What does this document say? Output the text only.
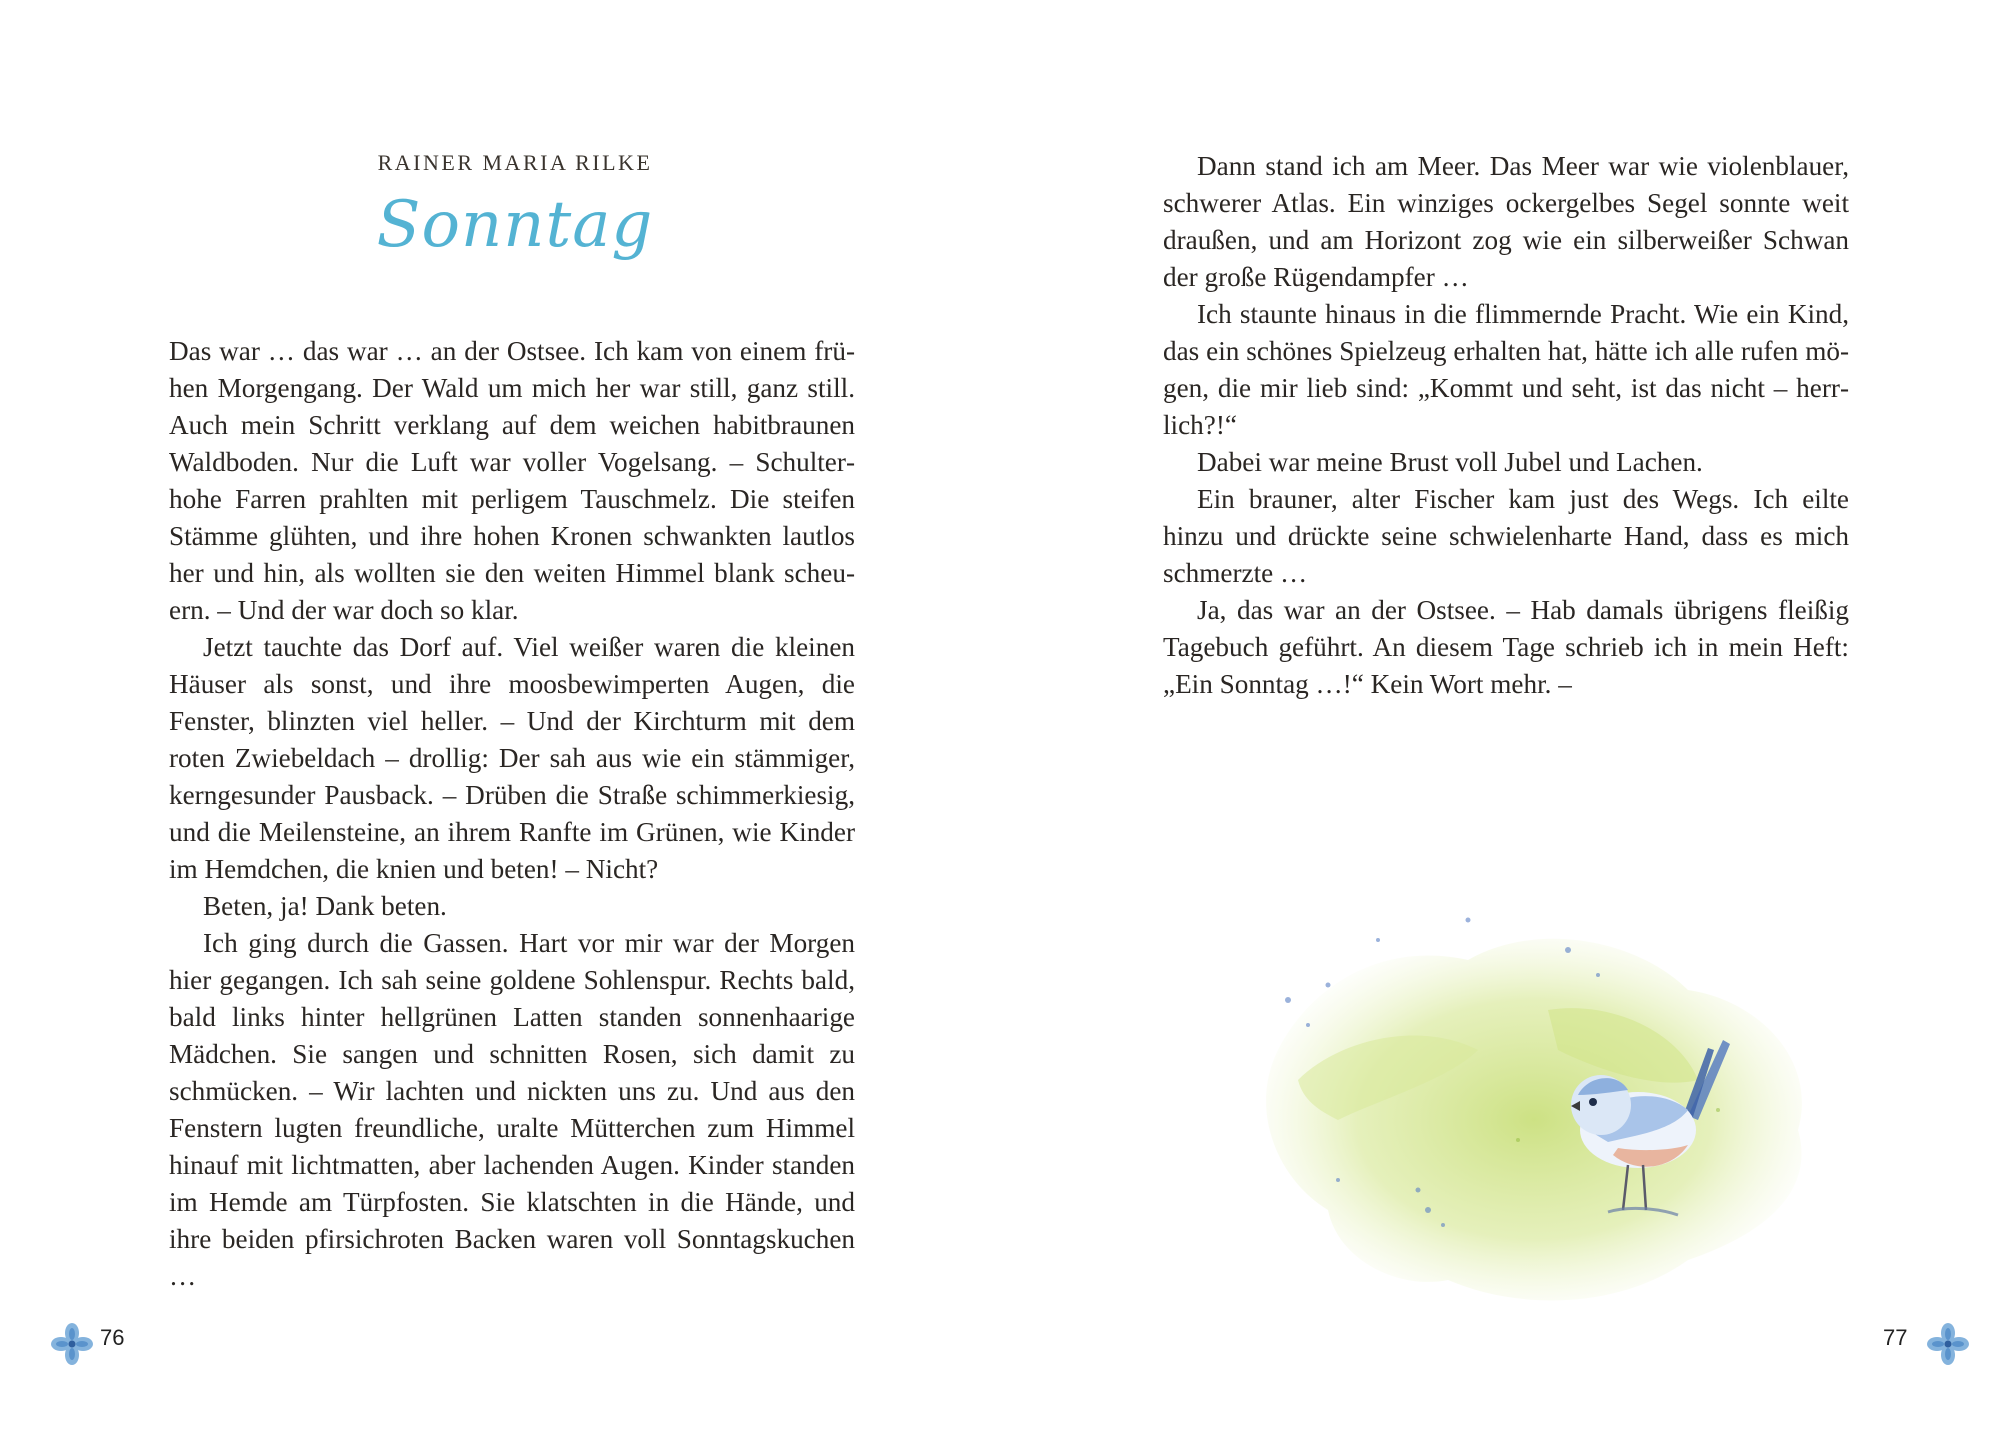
RAINER MARIA RILKE
Sonntag

Das war … das war … an der Ostsee. Ich kam von einem frühen Morgengang. Der Wald um mich her war still, ganz still. Auch mein Schritt verklang auf dem weichen habitbraunen Waldboden. Nur die Luft war voller Vogelsang. – Schulterhohe Farren prahlten mit perligem Tauschmelz. Die steifen Stämme glühten, und ihre hohen Kronen schwankten lautlos her und hin, als wollten sie den weiten Himmel blank scheuern. – Und der war doch so klar.

Jetzt tauchte das Dorf auf. Viel weißer waren die kleinen Häuser als sonst, und ihre moosbewimperten Augen, die Fenster, blinzten viel heller. – Und der Kirchturm mit dem roten Zwiebeldach – drollig: Der sah aus wie ein stämmiger, kerngesunder Pausback. – Drüben die Straße schimmerkiesig, und die Meilensteine, an ihrem Ranfte im Grünen, wie Kinder im Hemdchen, die knien und beten! – Nicht?

Beten, ja! Dank beten.

Ich ging durch die Gassen. Hart vor mir war der Morgen hier gegangen. Ich sah seine goldene Sohlenspur. Rechts bald, bald links hinter hellgrünen Latten standen sonnenhaarige Mädchen. Sie sangen und schnitten Rosen, sich damit zu schmücken. – Wir lachten und nickten uns zu. Und aus den Fenstern lugten freundliche, uralte Mütterchen zum Himmel hinauf mit lichtmatten, aber lachenden Augen. Kinder standen im Hemde am Türpfosten. Sie klatschten in die Hände, und ihre beiden pfirsichroten Backen waren voll Sonntagskuchen …

76

Dann stand ich am Meer. Das Meer war wie violenblauer, schwerer Atlas. Ein winziges ockergelbes Segel sonnte weit draußen, und am Horizont zog wie ein silberweißer Schwan der große Rügendampfer …

Ich staunte hinaus in die flimmernde Pracht. Wie ein Kind, das ein schönes Spielzeug erhalten hat, hätte ich alle rufen mögen, die mir lieb sind: „Kommt und seht, ist das nicht – herrlich?!“

Dabei war meine Brust voll Jubel und Lachen.

Ein brauner, alter Fischer kam just des Wegs. Ich eilte hinzu und drückte seine schwielenharte Hand, dass es mich schmerzte …

Ja, das war an der Ostsee. – Hab damals übrigens fleißig Tagebuch geführt. An diesem Tage schrieb ich in mein Heft: „Ein Sonntag …!“ Kein Wort mehr. –

77
